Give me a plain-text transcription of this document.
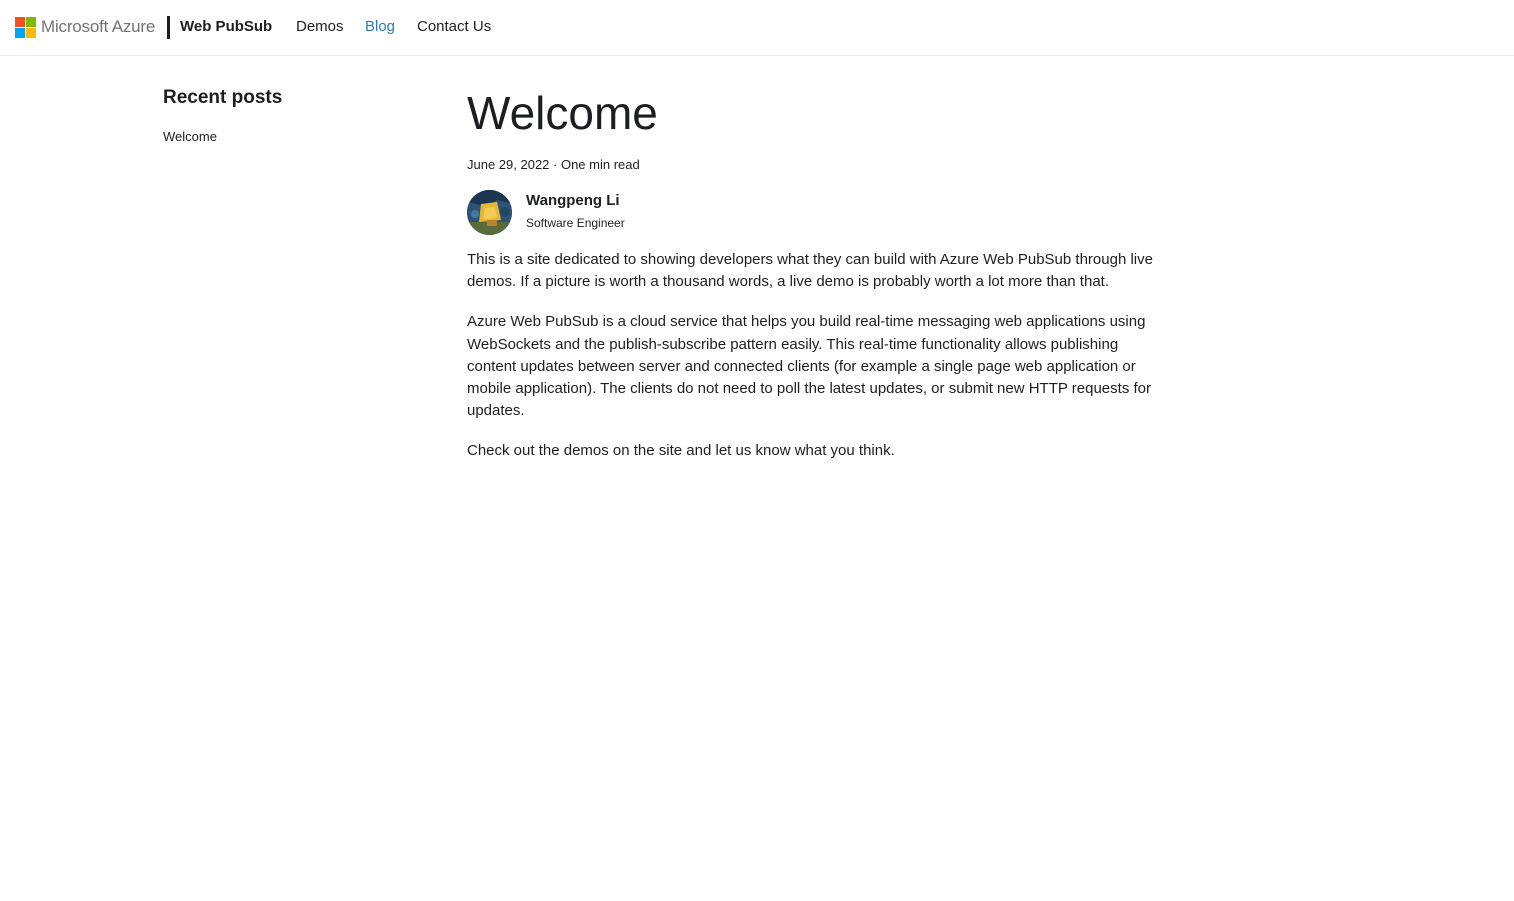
Microsoft Azure Web PubSub Demos Blog Contact Us
Recent posts
Welcome	Welcome
June 29, 2022 · One min read
Wangpeng Li
Software Engineer

This is a site dedicated to showing developers what they can build with Azure Web PubSub through live demos. If a picture is worth a thousand words, a live demo is probably worth a lot more than that.

Azure Web PubSub is a cloud service that helps you build real-time messaging web applications using WebSockets and the publish-subscribe pattern easily. This real-time functionality allows publishing content updates between server and connected clients (for example a single page web application or mobile application). The clients do not need to poll the latest updates, or submit new HTTP requests for updates.

Check out the demos on the site and let us know what you think.
